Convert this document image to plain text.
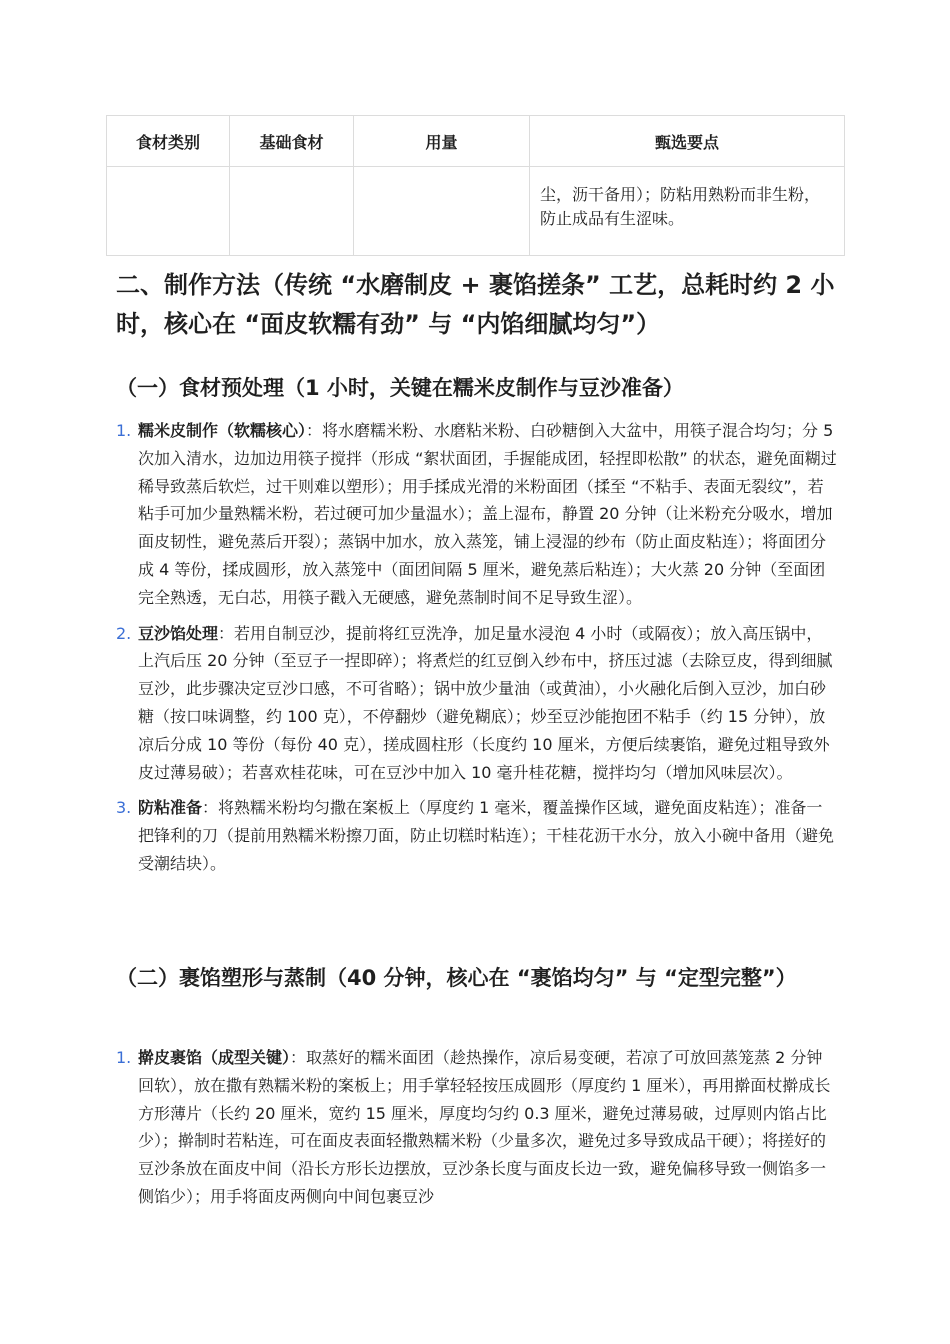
食材类别	基础食材	用量	甄选要点
			尘，沥干备用）；防粘用熟粉而非生粉，防止成品有生涩味。
二、制作方法（传统 “水磨制皮 + 裹馅搓条” 工艺，总耗时约 2 小时，核心在 “面皮软糯有劲” 与 “内馅细腻均匀”）
（一）食材预处理（1 小时，关键在糯米皮制作与豆沙准备）
1. 糯米皮制作（软糯核心）：将水磨糯米粉、水磨粘米粉、白砂糖倒入大盆中，用筷子混合均匀；分 5 次加入清水，边加边用筷子搅拌（形成 “絮状面团，手握能成团，轻捏即松散” 的状态，避免面糊过稀导致蒸后软烂，过干则难以塑形）；用手揉成光滑的米粉面团（揉至 “不粘手、表面无裂纹”，若粘手可加少量熟糯米粉，若过硬可加少量温水）；盖上湿布，静置 20 分钟（让米粉充分吸水，增加面皮韧性，避免蒸后开裂）；蒸锅中加水，放入蒸笼，铺上浸湿的纱布（防止面皮粘连）；将面团分成 4 等份，揉成圆形，放入蒸笼中（面团间隔 5 厘米，避免蒸后粘连）；大火蒸 20 分钟（至面团完全熟透，无白芯，用筷子戳入无硬感，避免蒸制时间不足导致生涩）。
2. 豆沙馅处理：若用自制豆沙，提前将红豆洗净，加足量水浸泡 4 小时（或隔夜）；放入高压锅中，上汽后压 20 分钟（至豆子一捏即碎）；将煮烂的红豆倒入纱布中，挤压过滤（去除豆皮，得到细腻豆沙，此步骤决定豆沙口感，不可省略）；锅中放少量油（或黄油），小火融化后倒入豆沙，加白砂糖（按口味调整，约 100 克），不停翻炒（避免糊底）；炒至豆沙能抱团不粘手（约 15 分钟），放凉后分成 10 等份（每份 40 克），搓成圆柱形（长度约 10 厘米，方便后续裹馅，避免过粗导致外皮过薄易破）；若喜欢桂花味，可在豆沙中加入 10 毫升桂花糖，搅拌均匀（增加风味层次）。
3. 防粘准备：将熟糯米粉均匀撒在案板上（厚度约 1 毫米，覆盖操作区域，避免面皮粘连）；准备一把锋利的刀（提前用熟糯米粉擦刀面，防止切糕时粘连）；干桂花沥干水分，放入小碗中备用（避免受潮结块）。
（二）裹馅塑形与蒸制（40 分钟，核心在 “裹馅均匀” 与 “定型完整”）
1. 擀皮裹馅（成型关键）：取蒸好的糯米面团（趁热操作，凉后易变硬，若凉了可放回蒸笼蒸 2 分钟回软），放在撒有熟糯米粉的案板上；用手掌轻轻按压成圆形（厚度约 1 厘米），再用擀面杖擀成长方形薄片（长约 20 厘米，宽约 15 厘米，厚度均匀约 0.3 厘米，避免过薄易破，过厚则内馅占比少）；擀制时若粘连，可在面皮表面轻撒熟糯米粉（少量多次，避免过多导致成品干硬）；将搓好的豆沙条放在面皮中间（沿长方形长边摆放，豆沙条长度与面皮长边一致，避免偏移导致一侧馅多一侧馅少）；用手将面皮两侧向中间包裹豆沙
